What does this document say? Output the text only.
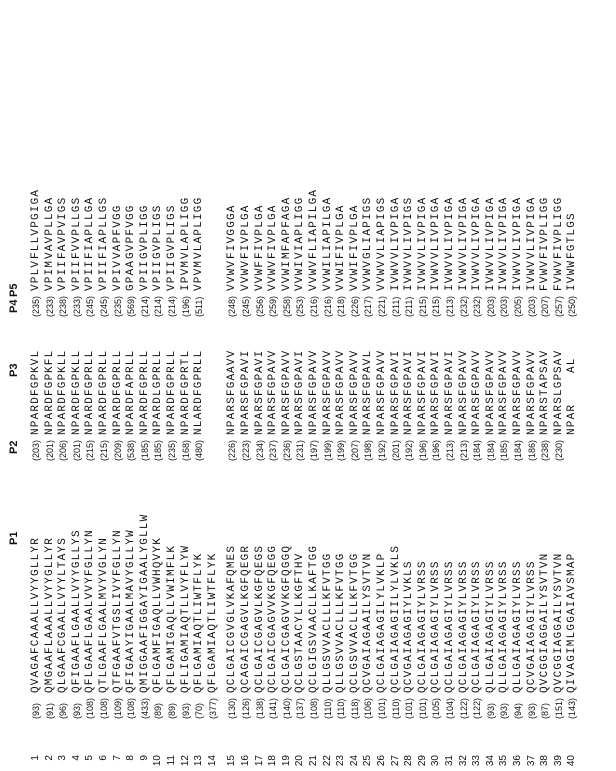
P1
P2
P3
P4
P5
1
(93)
QVAGAFCAAALLVYYGLLYR
(203)
NPARDFGP
KVL
(235)
VPLV
FLLVPGIGA
2
(91)
QMGAAFLAAALLVYYGLLYR
(201)
NPARDFGP
KFL
(233)
VPIM
VAVPLLGA
3
(96)
QLGAAFCGAALLVYYLTAYS
(206)
NPARDFGP
KLL
(238)
VPII
FAVPVIGS
4
(93)
QFIGAAFLGAALLVYYGLLYS
(201)
NPARDFGP
KLL
(233)
VPII
FVVPLLGS
5
(108)
QFLGAAFLGAALVVYFGLLYN
(215)
NPARDFGP
RLL
(245)
VPII
FIAPLLGA
6
(108)
QTLGAAFLGAALMVYVGLYN
(215)
NPARDFGP
RLL
(245)
VPII
FIAPLLGS
7
(109)
QTFGAAFVTGSLIVYFGLLYN
(209)
NPARDFGP
RLL
(235)
VPIV
VAPFVGG
8
(108)
QFIGAAYIGAALMAVYGLLYW
(538)
NPARDFAP
RLL
(569)
GPAA
GVPFVGG
9
(433)
QMIGGAAFIGGAYIGAALYGLLW
(185)
NPARDFGP
RLL
(214)
VPII
GVPLIGG
10
(89)
QFLGAMFIGAQLLVWHQVYK
(185)
NPARDLGP
RLL
(214)
VPII
GVPLIGS
11
(89)
QFLGAMIGAQLLVWIMFLK
(235)
NPARDFGP
RLL
(214)
VPII
GVPLIGS
12
(93)
QFLIGAMIAQTLLVYFLYW
(168)
NPARDFGP
RTL
(196)
IPVM
VLAPLIGG
13
(70)
QFLGAMIAQTLIWTFLYK
(480)
NLARDFGP
RLL
(511)
VPVM
VLAPLIGG
14
(377)
QFLGAMIAQTLIWTFLYK
15
(130)
QCLGAICGVGLVKAFQMES
(226)
NPARSFGA
AVV
(248)
VVWV
FIVGGGA
16
(126)
QCAGAICGAGVLKGFQEGR
(223)
NPARSFGP
AVI
(245)
VVWV
FIVPLGA
17
(138)
QCLGAICGAGVLKGFQEGS
(234)
NPARSFGP
AVI
(256)
VVWF
FIVPLGA
18
(141)
QCLGAICGAGVVKGFQEGG
(237)
NPARSFGP
AVV
(259)
VVWV
FIVPLGA
19
(140)
QCLGAICGAGVVKGFQGGQ
(236)
NPARSFGP
AVV
(258)
VVWI
MFAPFAGA
20
(137)
QCLGSTAACYLLKGFTHV
(231)
NPARSFGP
AVI
(253)
VVWI
VIAPLIGG
21
(108)
QCLGIGSVAACLLKAFTGG
(197)
NPARSFGP
AVV
(216)
VVWV
FLIAPILGA
22
(110)
QLLGSVVACLLLKFVTGG
(199)
NPARSFGP
AVV
(216)
VVWI
LIAPILGA
23
(110)
QLLGSVVACLLLKFVTGG
(199)
NPARSFGP
AVV
(218)
VVWI
FIVPLGA
24
(118)
QCLGSVVACLLLKFVTGG
(207)
NPARSFGP
AVV
(226)
VVWI
FIVPLGA
25
(106)
QCVGAIAGAAILYSVTVN
(198)
NPARSFGP
AVL
(217)
VVWV
GLIAPIGS
26
(101)
QCLGAIAGAGILYLVKLP
(192)
NPARSFGP
AVV
(221)
VVWV
VLIAPIGS
27
(110)
QCLGAIAGAGIILYLVKLS
(201)
NPARSFGP
AVI
(211)
IVWV
VLIVPIGA
28
(101)
QCVGAIAGAGIYLVKLS
(192)
NPARSFGP
AVI
(211)
IVWV
VLIVPIGS
29
(101)
QCLGAIAGAGIYLVRSS
(196)
NPARSFGP
AVI
(215)
IVWV
VLIVPIGA
30
(105)
QCLGAIAGAGIYLVRSS
(196)
NPARSFGP
AVI
(215)
IVWV
VLIVPIGA
31
(104)
QCLGAIAGAGIYLVRSS
(213)
NPARSFGP
AVI
(213)
IVWV
VLIVPIGA
32
(122)
QCLGAIAGAGIYLVRSS
(213)
NPARSFGP
AVV
(232)
IVWV
VLIVPIGA
33
(122)
QCLGAIAGAGIYLVRSS
(184)
NPARSFGP
AVV
(232)
IVWV
VLIVPIGA
34
(93)
QLLGAIAGAGIYLVRSS
(184)
NPARSFGP
AVV
(203)
IVWV
VLIVPIGA
35
(93)
QLLGAIAGAGIYLVRSS
(185)
NPARSFGP
AVV
(203)
IVWV
VLIVPIGA
36
(94)
QLLGAIAGAGIYLVRSS
(184)
NPARSFGP
AVV
(205)
IVWV
VLIVPIGA
37
(93)
QCVGAIAGAGIYLVRSS
(186)
NPARSFGP
AVV
(203)
IVWV
VLIVPIGA
38
(87)
QVCGGIAGGAILYSVTVN
(238)
NPARSTAP
SAV
(207)
FVWV
FIVPLIGG
39
(151)
QVCGGIAGGAILYSVTVN
(230)
NPARSLGP
SAV
(257)
FVWV
FIVPLIGG
40
(143)
QIVAGIMLGGAIAVSMAP
NPAR
AL
(250)
IVWW
FGTLGS
